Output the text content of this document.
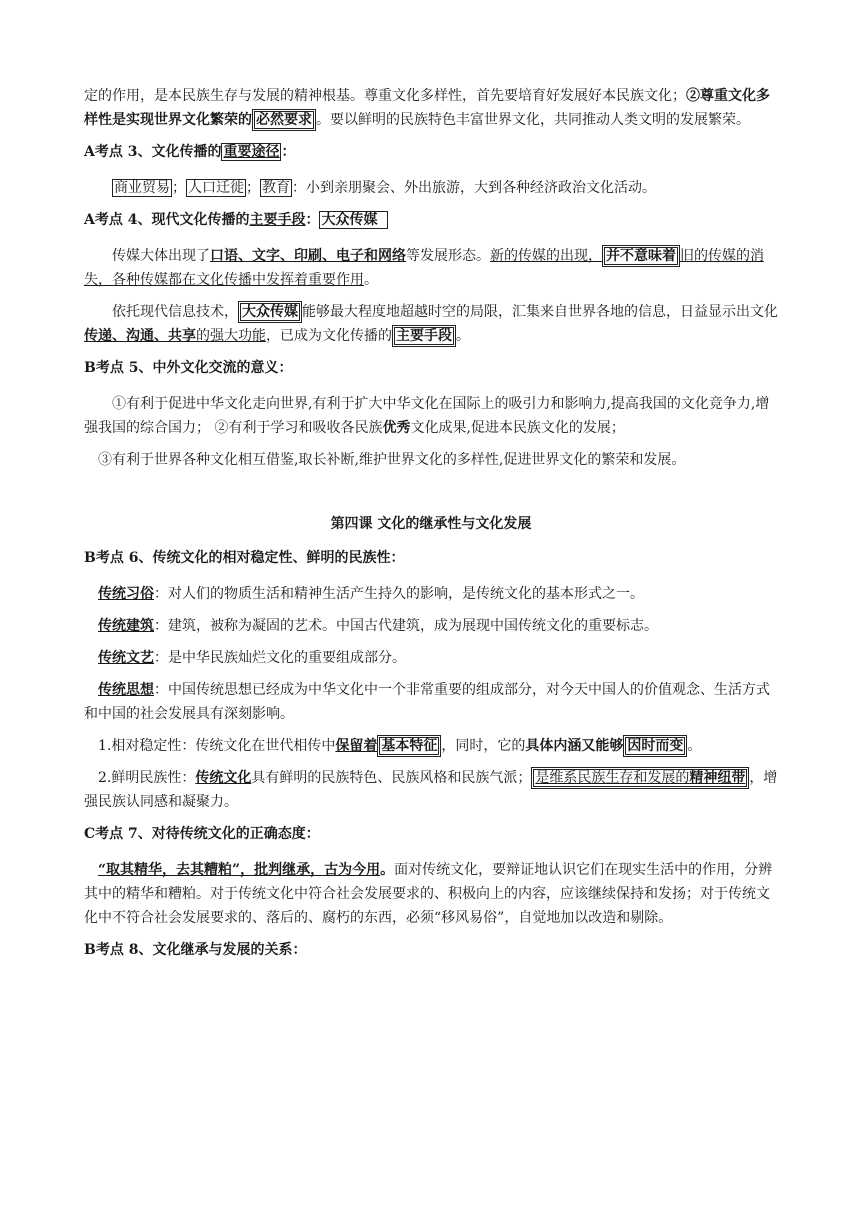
定的作用，是本民族生存与发展的精神根基。尊重文化多样性，首先要培育好发展好本民族文化；②尊重文化多样性是实现世界文化繁荣的 必然要求 。要以鲜明的民族特色丰富世界文化，共同推动人类文明的发展繁荣。

A考点 3、文化传播的 重要途径 ：

商业贸易 ； 人口迁徙 ； 教育 ：小到亲朋聚会、外出旅游，大到各种经济政治文化活动。

A考点 4、现代文化传播的主要手段： 大众传媒

传媒大体出现了口语、文字、印刷、电子和网络等发展形态。新的传媒的出现， 并不意味着 旧的传媒的消失，各种传媒都在文化传播中发挥着重要作用。

依托现代信息技术， 大众传媒 能够最大程度地超越时空的局限，汇集来自世界各地的信息，日益显示出文化传递、沟通、共享的强大功能，已成为文化传播的 主要手段 。

B考点 5、中外文化交流的意义：

①有利于促进中华文化走向世界,有利于扩大中华文化在国际上的吸引力和影响力,提高我国的文化竞争力,增强我国的综合国力； ②有利于学习和吸收各民族优秀文化成果,促进本民族文化的发展；

③有利于世界各种文化相互借鉴,取长补断,维护世界文化的多样性,促进世界文化的繁荣和发展。

第四课 文化的继承性与文化发展

B考点 6、传统文化的相对稳定性、鲜明的民族性：

传统习俗：对人们的物质生活和精神生活产生持久的影响，是传统文化的基本形式之一。

传统建筑：建筑，被称为凝固的艺术。中国古代建筑，成为展现中国传统文化的重要标志。

传统文艺：是中华民族灿烂文化的重要组成部分。

传统思想：中国传统思想已经成为中华文化中一个非常重要的组成部分，对今天中国人的价值观念、生活方式和中国的社会发展具有深刻影响。

1.相对稳定性：传统文化在世代相传中保留着 基本特征 ，同时，它的具体内涵又能够 因时而变 。

2.鲜明民族性：传统文化具有鲜明的民族特色、民族风格和民族气派； 是维系民族生存和发展的精神纽带 ，增强民族认同感和凝聚力。

C考点 7、对待传统文化的正确态度：

“取其精华，去其糟粕”，批判继承，古为今用。面对传统文化，要辩证地认识它们在现实生活中的作用，分辨其中的精华和糟粕。对于传统文化中符合社会发展要求的、积极向上的内容，应该继续保持和发扬；对于传统文化中不符合社会发展要求的、落后的、腐朽的东西，必须“移风易俗”，自觉地加以改造和剔除。

B考点 8、文化继承与发展的关系：
